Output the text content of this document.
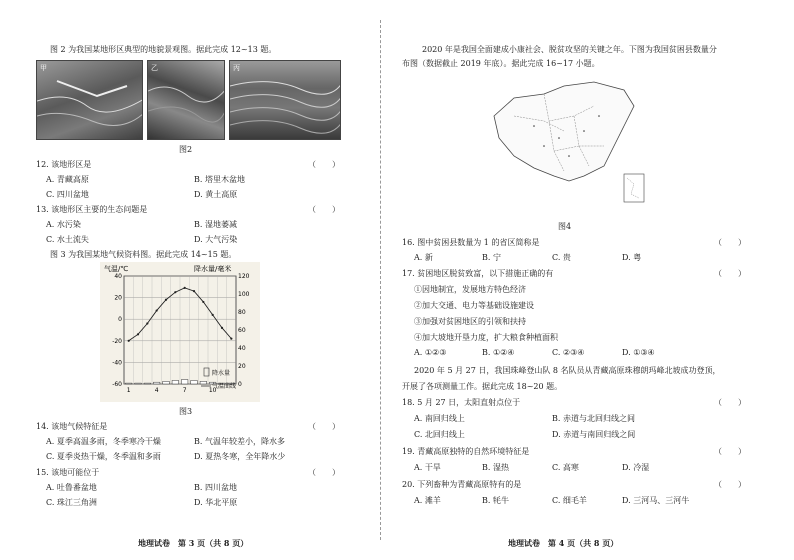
图 2 为我国某地形区典型的地貌景观图。据此完成 12~13 题。
甲	乙	丙
图2
12. 该地形区是	（　　）
A. 青藏高原	B. 塔里木盆地
C. 四川盆地	D. 黄土高原
13. 该地形区主要的生态问题是	（　　）
A. 水污染	B. 湿地萎减
C. 水土流失	D. 大气污染
图 3 为我国某地气候资料图。据此完成 14~15 题。
气温/℃	降水量/毫米
-60
-40
-20
0
20
40
0
20
40
60
80
100
120
1	4	7	10
降水量
气温曲线
图3
14. 该地气候特征是	（　　）
A. 夏季高温多雨，冬季寒冷干燥	B. 气温年较差小，降水多
C. 夏季炎热干燥，冬季温和多雨	D. 夏热冬寒，全年降水少
15. 该地可能位于	（　　）
A. 吐鲁番盆地	B. 四川盆地
C. 珠江三角洲	D. 华北平原
地理试卷　第 3 页（共 8 页）
2020 年是我国全面建成小康社会、脱贫攻坚的关键之年。下图为我国贫困县数量分
布图（数据截止 2019 年底）。据此完成 16~17 小题。
图4
16. 图中贫困县数量为 1 的省区简称是	（　　）
A. 新	B. 宁	C. 贵	D. 粤
17. 贫困地区脱贫致富，以下措施正确的有	（　　）
①因地制宜，发展地方特色经济
②加大交通、电力等基础设施建设
③加强对贫困地区的引领和扶持
④加大坡地开垦力度，扩大粮食种植面积
A. ①②③	B. ①②④	C. ②③④	D. ①③④
2020 年 5 月 27 日，我国珠峰登山队 8 名队员从青藏高原珠穆朗玛峰北坡成功登顶，
开展了各项测量工作。据此完成 18~20 题。
18. 5 月 27 日，太阳直射点位于	（　　）
A. 南回归线上	B. 赤道与北回归线之间
C. 北回归线上	D. 赤道与南回归线之间
19. 青藏高原独特的自然环境特征是	（　　）
A. 干旱	B. 湿热	C. 高寒	D. 冷湿
20. 下列畜种为青藏高原特有的是	（　　）
A. 滩羊	B. 牦牛	C. 细毛羊	D. 三河马、三河牛
地理试卷　第 4 页（共 8 页）
